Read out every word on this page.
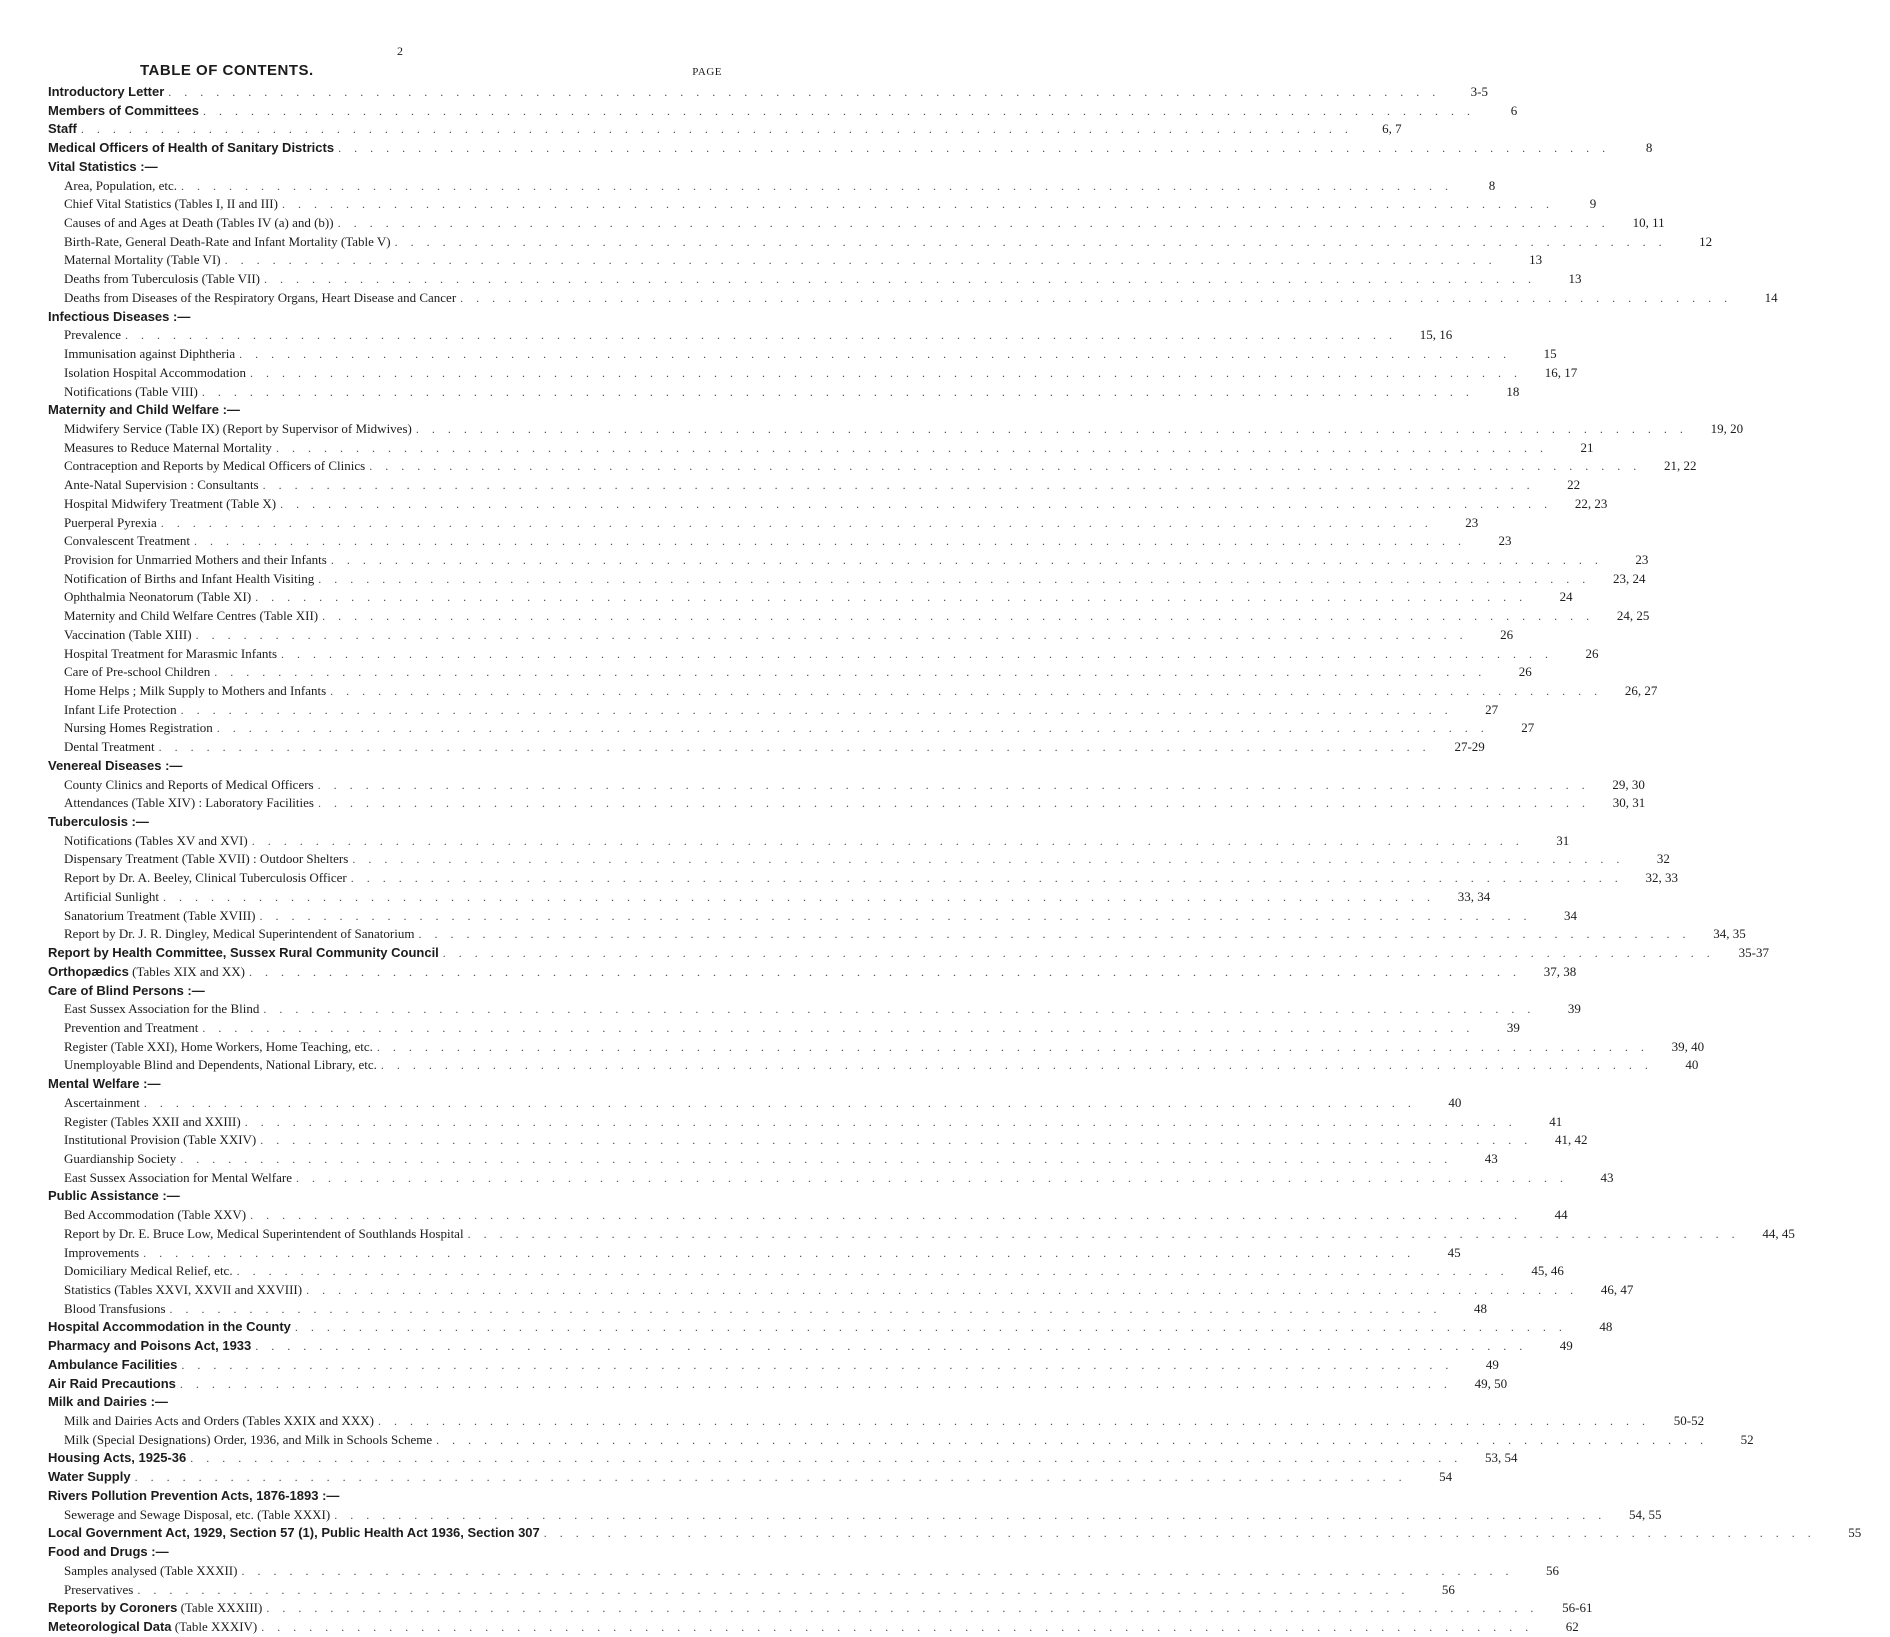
2
TABLE OF CONTENTS.	PAGE
Introductory Letter . . . . . . . . . . . . . . . . . . . . . . . . . . . . . . . . . . . . . . . . . . . . . . . . . . . . . . . . . . . . . . . . . . . . . . . . . . . . . . . .	3-5
Members of Committees . . . . . . . . . . . . . . . . . . . . . . . . . . . . . . . . . . . . . . . . . . . . . . . . . . . . . . . . . . . . . . . . . . . . . . . . . . . . . . . .	6
Staff . . . . . . . . . . . . . . . . . . . . . . . . . . . . . . . . . . . . . . . . . . . . . . . . . . . . . . . . . . . . . . . . . . . . . . . . . . . . . . . .	6, 7
Medical Officers of Health of Sanitary Districts . . . . . . . . . . . . . . . . . . . . . . . . . . . . . . . . . . . . . . . . . . . . . . . . . . . . . . . . . . . . . . . . . . . . . . . . . . . . . . . .	8
Vital Statistics :—
Area, Population, etc. . . . . . . . . . . . . . . . . . . . . . . . . . . . . . . . . . . . . . . . . . . . . . . . . . . . . . . . . . . . . . . . . . . . . . . . . . . . . . . . .	8
Chief Vital Statistics (Tables I, II and III) . . . . . . . . . . . . . . . . . . . . . . . . . . . . . . . . . . . . . . . . . . . . . . . . . . . . . . . . . . . . . . . . . . . . . . . . . . . . . . . .	9
Causes of and Ages at Death (Tables IV (a) and (b)) . . . . . . . . . . . . . . . . . . . . . . . . . . . . . . . . . . . . . . . . . . . . . . . . . . . . . . . . . . . . . . . . . . . . . . . . . . . . . . . .	10, 11
Birth-Rate, General Death-Rate and Infant Mortality (Table V) . . . . . . . . . . . . . . . . . . . . . . . . . . . . . . . . . . . . . . . . . . . . . . . . . . . . . . . . . . . . . . . . . . . . . . . . . . . . . . . .	12
Maternal Mortality (Table VI) . . . . . . . . . . . . . . . . . . . . . . . . . . . . . . . . . . . . . . . . . . . . . . . . . . . . . . . . . . . . . . . . . . . . . . . . . . . . . . . .	13
Deaths from Tuberculosis (Table VII) . . . . . . . . . . . . . . . . . . . . . . . . . . . . . . . . . . . . . . . . . . . . . . . . . . . . . . . . . . . . . . . . . . . . . . . . . . . . . . . .	13
Deaths from Diseases of the Respiratory Organs, Heart Disease and Cancer . . . . . . . . . . . . . . . . . . . . . . . . . . . . . . . . . . . . . . . . . . . . . . . . . . . . . . . . . . . . . . . . . . . . . . . . . . . . . . . .	14
Infectious Diseases :—
Prevalence . . . . . . . . . . . . . . . . . . . . . . . . . . . . . . . . . . . . . . . . . . . . . . . . . . . . . . . . . . . . . . . . . . . . . . . . . . . . . . . .	15, 16
Immunisation against Diphtheria . . . . . . . . . . . . . . . . . . . . . . . . . . . . . . . . . . . . . . . . . . . . . . . . . . . . . . . . . . . . . . . . . . . . . . . . . . . . . . . .	15
Isolation Hospital Accommodation . . . . . . . . . . . . . . . . . . . . . . . . . . . . . . . . . . . . . . . . . . . . . . . . . . . . . . . . . . . . . . . . . . . . . . . . . . . . . . . .	16, 17
Notifications (Table VIII) . . . . . . . . . . . . . . . . . . . . . . . . . . . . . . . . . . . . . . . . . . . . . . . . . . . . . . . . . . . . . . . . . . . . . . . . . . . . . . . .	18
Maternity and Child Welfare :—
Midwifery Service (Table IX) (Report by Supervisor of Midwives) . . . . . . . . . . . . . . . . . . . . . . . . . . . . . . . . . . . . . . . . . . . . . . . . . . . . . . . . . . . . . . . . . . . . . . . . . . . . . . . .	19, 20
Measures to Reduce Maternal Mortality . . . . . . . . . . . . . . . . . . . . . . . . . . . . . . . . . . . . . . . . . . . . . . . . . . . . . . . . . . . . . . . . . . . . . . . . . . . . . . . .	21
Contraception and Reports by Medical Officers of Clinics . . . . . . . . . . . . . . . . . . . . . . . . . . . . . . . . . . . . . . . . . . . . . . . . . . . . . . . . . . . . . . . . . . . . . . . . . . . . . . . .	21, 22
Ante-Natal Supervision : Consultants . . . . . . . . . . . . . . . . . . . . . . . . . . . . . . . . . . . . . . . . . . . . . . . . . . . . . . . . . . . . . . . . . . . . . . . . . . . . . . . .	22
Hospital Midwifery Treatment (Table X) . . . . . . . . . . . . . . . . . . . . . . . . . . . . . . . . . . . . . . . . . . . . . . . . . . . . . . . . . . . . . . . . . . . . . . . . . . . . . . . .	22, 23
Puerperal Pyrexia . . . . . . . . . . . . . . . . . . . . . . . . . . . . . . . . . . . . . . . . . . . . . . . . . . . . . . . . . . . . . . . . . . . . . . . . . . . . . . . .	23
Convalescent Treatment . . . . . . . . . . . . . . . . . . . . . . . . . . . . . . . . . . . . . . . . . . . . . . . . . . . . . . . . . . . . . . . . . . . . . . . . . . . . . . . .	23
Provision for Unmarried Mothers and their Infants . . . . . . . . . . . . . . . . . . . . . . . . . . . . . . . . . . . . . . . . . . . . . . . . . . . . . . . . . . . . . . . . . . . . . . . . . . . . . . . .	23
Notification of Births and Infant Health Visiting . . . . . . . . . . . . . . . . . . . . . . . . . . . . . . . . . . . . . . . . . . . . . . . . . . . . . . . . . . . . . . . . . . . . . . . . . . . . . . . .	23, 24
Ophthalmia Neonatorum (Table XI) . . . . . . . . . . . . . . . . . . . . . . . . . . . . . . . . . . . . . . . . . . . . . . . . . . . . . . . . . . . . . . . . . . . . . . . . . . . . . . . .	24
Maternity and Child Welfare Centres (Table XII) . . . . . . . . . . . . . . . . . . . . . . . . . . . . . . . . . . . . . . . . . . . . . . . . . . . . . . . . . . . . . . . . . . . . . . . . . . . . . . . .	24, 25
Vaccination (Table XIII) . . . . . . . . . . . . . . . . . . . . . . . . . . . . . . . . . . . . . . . . . . . . . . . . . . . . . . . . . . . . . . . . . . . . . . . . . . . . . . . .	26
Hospital Treatment for Marasmic Infants . . . . . . . . . . . . . . . . . . . . . . . . . . . . . . . . . . . . . . . . . . . . . . . . . . . . . . . . . . . . . . . . . . . . . . . . . . . . . . . .	26
Care of Pre-school Children . . . . . . . . . . . . . . . . . . . . . . . . . . . . . . . . . . . . . . . . . . . . . . . . . . . . . . . . . . . . . . . . . . . . . . . . . . . . . . . .	26
Home Helps ; Milk Supply to Mothers and Infants . . . . . . . . . . . . . . . . . . . . . . . . . . . . . . . . . . . . . . . . . . . . . . . . . . . . . . . . . . . . . . . . . . . . . . . . . . . . . . . .	26, 27
Infant Life Protection . . . . . . . . . . . . . . . . . . . . . . . . . . . . . . . . . . . . . . . . . . . . . . . . . . . . . . . . . . . . . . . . . . . . . . . . . . . . . . . .	27
Nursing Homes Registration . . . . . . . . . . . . . . . . . . . . . . . . . . . . . . . . . . . . . . . . . . . . . . . . . . . . . . . . . . . . . . . . . . . . . . . . . . . . . . . .	27
Dental Treatment . . . . . . . . . . . . . . . . . . . . . . . . . . . . . . . . . . . . . . . . . . . . . . . . . . . . . . . . . . . . . . . . . . . . . . . . . . . . . . . .	27-29
Venereal Diseases :—
County Clinics and Reports of Medical Officers . . . . . . . . . . . . . . . . . . . . . . . . . . . . . . . . . . . . . . . . . . . . . . . . . . . . . . . . . . . . . . . . . . . . . . . . . . . . . . . .	29, 30
Attendances (Table XIV) : Laboratory Facilities . . . . . . . . . . . . . . . . . . . . . . . . . . . . . . . . . . . . . . . . . . . . . . . . . . . . . . . . . . . . . . . . . . . . . . . . . . . . . . . .	30, 31
Tuberculosis :—
Notifications (Tables XV and XVI) . . . . . . . . . . . . . . . . . . . . . . . . . . . . . . . . . . . . . . . . . . . . . . . . . . . . . . . . . . . . . . . . . . . . . . . . . . . . . . . .	31
Dispensary Treatment (Table XVII) : Outdoor Shelters . . . . . . . . . . . . . . . . . . . . . . . . . . . . . . . . . . . . . . . . . . . . . . . . . . . . . . . . . . . . . . . . . . . . . . . . . . . . . . . .	32
Report by Dr. A. Beeley, Clinical Tuberculosis Officer . . . . . . . . . . . . . . . . . . . . . . . . . . . . . . . . . . . . . . . . . . . . . . . . . . . . . . . . . . . . . . . . . . . . . . . . . . . . . . . .	32, 33
Artificial Sunlight . . . . . . . . . . . . . . . . . . . . . . . . . . . . . . . . . . . . . . . . . . . . . . . . . . . . . . . . . . . . . . . . . . . . . . . . . . . . . . . .	33, 34
Sanatorium Treatment (Table XVIII) . . . . . . . . . . . . . . . . . . . . . . . . . . . . . . . . . . . . . . . . . . . . . . . . . . . . . . . . . . . . . . . . . . . . . . . . . . . . . . . .	34
Report by Dr. J. R. Dingley, Medical Superintendent of Sanatorium . . . . . . . . . . . . . . . . . . . . . . . . . . . . . . . . . . . . . . . . . . . . . . . . . . . . . . . . . . . . . . . . . . . . . . . . . . . . . . . .	34, 35
Report by Health Committee, Sussex Rural Community Council . . . . . . . . . . . . . . . . . . . . . . . . . . . . . . . . . . . . . . . . . . . . . . . . . . . . . . . . . . . . . . . . . . . . . . . . . . . . . . . .	35-37
Orthopædics (Tables XIX and XX) . . . . . . . . . . . . . . . . . . . . . . . . . . . . . . . . . . . . . . . . . . . . . . . . . . . . . . . . . . . . . . . . . . . . . . . . . . . . . . . .	37, 38
Care of Blind Persons :—
East Sussex Association for the Blind . . . . . . . . . . . . . . . . . . . . . . . . . . . . . . . . . . . . . . . . . . . . . . . . . . . . . . . . . . . . . . . . . . . . . . . . . . . . . . . .	39
Prevention and Treatment . . . . . . . . . . . . . . . . . . . . . . . . . . . . . . . . . . . . . . . . . . . . . . . . . . . . . . . . . . . . . . . . . . . . . . . . . . . . . . . .	39
Register (Table XXI), Home Workers, Home Teaching, etc. . . . . . . . . . . . . . . . . . . . . . . . . . . . . . . . . . . . . . . . . . . . . . . . . . . . . . . . . . . . . . . . . . . . . . . . . . . . . . . . .	39, 40
Unemployable Blind and Dependents, National Library, etc. . . . . . . . . . . . . . . . . . . . . . . . . . . . . . . . . . . . . . . . . . . . . . . . . . . . . . . . . . . . . . . . . . . . . . . . . . . . . . . . .	40
Mental Welfare :—
Ascertainment . . . . . . . . . . . . . . . . . . . . . . . . . . . . . . . . . . . . . . . . . . . . . . . . . . . . . . . . . . . . . . . . . . . . . . . . . . . . . . . .	40
Register (Tables XXII and XXIII) . . . . . . . . . . . . . . . . . . . . . . . . . . . . . . . . . . . . . . . . . . . . . . . . . . . . . . . . . . . . . . . . . . . . . . . . . . . . . . . .	41
Institutional Provision (Table XXIV) . . . . . . . . . . . . . . . . . . . . . . . . . . . . . . . . . . . . . . . . . . . . . . . . . . . . . . . . . . . . . . . . . . . . . . . . . . . . . . . .	41, 42
Guardianship Society . . . . . . . . . . . . . . . . . . . . . . . . . . . . . . . . . . . . . . . . . . . . . . . . . . . . . . . . . . . . . . . . . . . . . . . . . . . . . . . .	43
East Sussex Association for Mental Welfare . . . . . . . . . . . . . . . . . . . . . . . . . . . . . . . . . . . . . . . . . . . . . . . . . . . . . . . . . . . . . . . . . . . . . . . . . . . . . . . .	43
Public Assistance :—
Bed Accommodation (Table XXV) . . . . . . . . . . . . . . . . . . . . . . . . . . . . . . . . . . . . . . . . . . . . . . . . . . . . . . . . . . . . . . . . . . . . . . . . . . . . . . . .	44
Report by Dr. E. Bruce Low, Medical Superintendent of Southlands Hospital . . . . . . . . . . . . . . . . . . . . . . . . . . . . . . . . . . . . . . . . . . . . . . . . . . . . . . . . . . . . . . . . . . . . . . . . . . . . . . . .	44, 45
Improvements . . . . . . . . . . . . . . . . . . . . . . . . . . . . . . . . . . . . . . . . . . . . . . . . . . . . . . . . . . . . . . . . . . . . . . . . . . . . . . . .	45
Domiciliary Medical Relief, etc. . . . . . . . . . . . . . . . . . . . . . . . . . . . . . . . . . . . . . . . . . . . . . . . . . . . . . . . . . . . . . . . . . . . . . . . . . . . . . . . .	45, 46
Statistics (Tables XXVI, XXVII and XXVIII) . . . . . . . . . . . . . . . . . . . . . . . . . . . . . . . . . . . . . . . . . . . . . . . . . . . . . . . . . . . . . . . . . . . . . . . . . . . . . . . .	46, 47
Blood Transfusions . . . . . . . . . . . . . . . . . . . . . . . . . . . . . . . . . . . . . . . . . . . . . . . . . . . . . . . . . . . . . . . . . . . . . . . . . . . . . . . .	48
Hospital Accommodation in the County . . . . . . . . . . . . . . . . . . . . . . . . . . . . . . . . . . . . . . . . . . . . . . . . . . . . . . . . . . . . . . . . . . . . . . . . . . . . . . . .	48
Pharmacy and Poisons Act, 1933 . . . . . . . . . . . . . . . . . . . . . . . . . . . . . . . . . . . . . . . . . . . . . . . . . . . . . . . . . . . . . . . . . . . . . . . . . . . . . . . .	49
Ambulance Facilities . . . . . . . . . . . . . . . . . . . . . . . . . . . . . . . . . . . . . . . . . . . . . . . . . . . . . . . . . . . . . . . . . . . . . . . . . . . . . . . .	49
Air Raid Precautions . . . . . . . . . . . . . . . . . . . . . . . . . . . . . . . . . . . . . . . . . . . . . . . . . . . . . . . . . . . . . . . . . . . . . . . . . . . . . . . .	49, 50
Milk and Dairies :—
Milk and Dairies Acts and Orders (Tables XXIX and XXX) . . . . . . . . . . . . . . . . . . . . . . . . . . . . . . . . . . . . . . . . . . . . . . . . . . . . . . . . . . . . . . . . . . . . . . . . . . . . . . . .	50-52
Milk (Special Designations) Order, 1936, and Milk in Schools Scheme . . . . . . . . . . . . . . . . . . . . . . . . . . . . . . . . . . . . . . . . . . . . . . . . . . . . . . . . . . . . . . . . . . . . . . . . . . . . . . . .	52
Housing Acts, 1925-36 . . . . . . . . . . . . . . . . . . . . . . . . . . . . . . . . . . . . . . . . . . . . . . . . . . . . . . . . . . . . . . . . . . . . . . . . . . . . . . . .	53, 54
Water Supply . . . . . . . . . . . . . . . . . . . . . . . . . . . . . . . . . . . . . . . . . . . . . . . . . . . . . . . . . . . . . . . . . . . . . . . . . . . . . . . .	54
Rivers Pollution Prevention Acts, 1876-1893 :—
Sewerage and Sewage Disposal, etc. (Table XXXI) . . . . . . . . . . . . . . . . . . . . . . . . . . . . . . . . . . . . . . . . . . . . . . . . . . . . . . . . . . . . . . . . . . . . . . . . . . . . . . . .	54, 55
Local Government Act, 1929, Section 57 (1), Public Health Act 1936, Section 307 . . . . . . . . . . . . . . . . . . . . . . . . . . . . . . . . . . . . . . . . . . . . . . . . . . . . . . . . . . . . . . . . . . . . . . . . . . . . . . . .	55
Food and Drugs :—
Samples analysed (Table XXXII) . . . . . . . . . . . . . . . . . . . . . . . . . . . . . . . . . . . . . . . . . . . . . . . . . . . . . . . . . . . . . . . . . . . . . . . . . . . . . . . .	56
Preservatives . . . . . . . . . . . . . . . . . . . . . . . . . . . . . . . . . . . . . . . . . . . . . . . . . . . . . . . . . . . . . . . . . . . . . . . . . . . . . . . .	56
Reports by Coroners (Table XXXIII) . . . . . . . . . . . . . . . . . . . . . . . . . . . . . . . . . . . . . . . . . . . . . . . . . . . . . . . . . . . . . . . . . . . . . . . . . . . . . . . .	56-61
Meteorological Data (Table XXXIV) . . . . . . . . . . . . . . . . . . . . . . . . . . . . . . . . . . . . . . . . . . . . . . . . . . . . . . . . . . . . . . . . . . . . . . . . . . . . . . . .	62
